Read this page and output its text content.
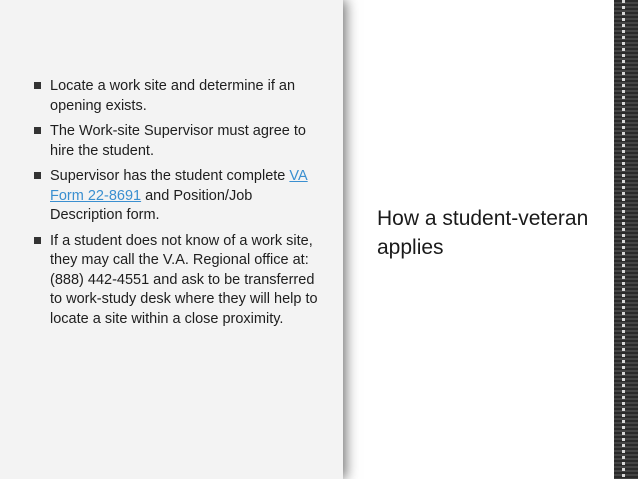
Locate a work site and determine if an opening exists.
The Work-site Supervisor must agree to hire the student.
Supervisor has the student complete VA Form 22-8691 and Position/Job Description form.
If a student does not know of a work site, they may call the V.A. Regional office at: (888) 442-4551 and ask to be transferred to work-study desk where they will help to locate a site within a close proximity.
How a student-veteran applies
